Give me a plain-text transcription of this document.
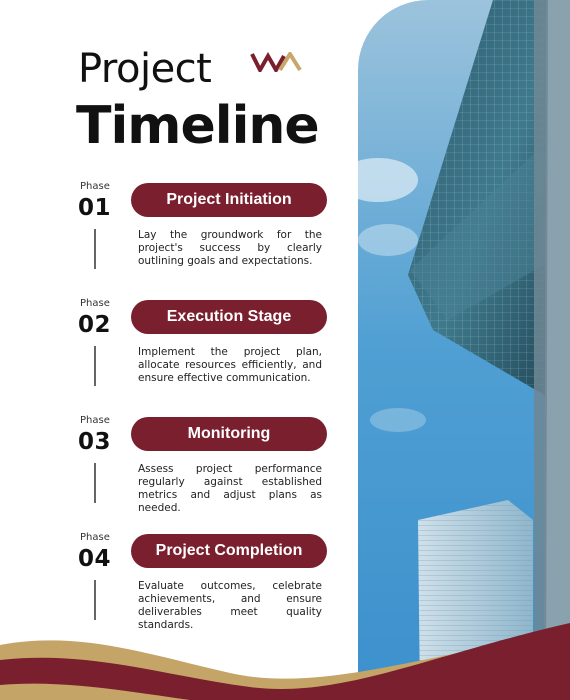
Project
Timeline
Phase
01	Project Initiation
Lay the groundwork for the project's success by clearly outlining goals and expectations.
Phase
02	Execution Stage
Implement the project plan, allocate resources efficiently, and ensure effective communication.
Phase
03	Monitoring
Assess project performance regularly against established metrics and adjust plans as needed.
Phase
04	Project Completion
Evaluate outcomes, celebrate achievements, and ensure deliverables meet quality standards.
